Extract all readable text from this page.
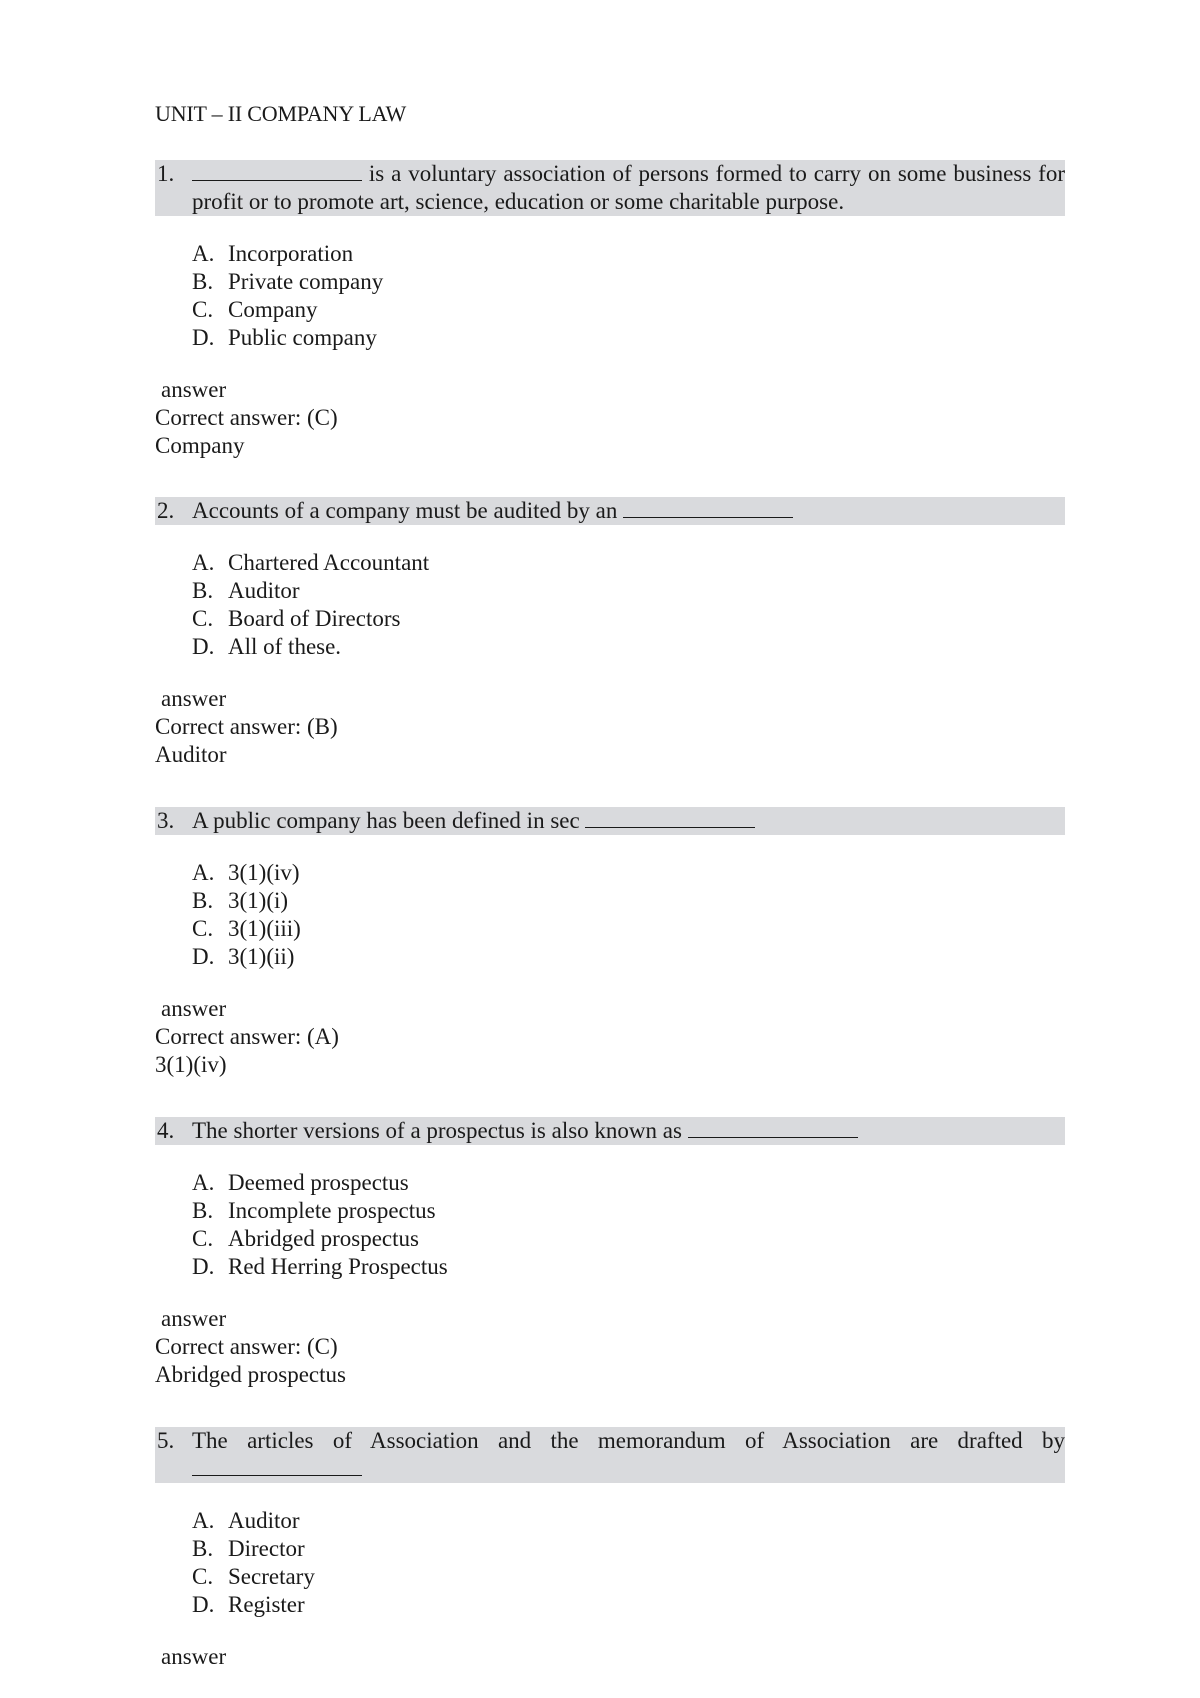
UNIT – II COMPANY LAW
1.	is a voluntary association of persons formed to carry on some business for profit or to promote art, science, education or some charitable purpose.
A. Incorporation
B. Private company
C. Company
D. Public company
answer
Correct answer: (C)
Company
2. Accounts of a company must be audited by an
A. Chartered Accountant
B. Auditor
C. Board of Directors
D. All of these.
answer
Correct answer: (B)
Auditor
3. A public company has been defined in sec
A. 3(1)(iv)
B. 3(1)(i)
C. 3(1)(iii)
D. 3(1)(ii)
answer
Correct answer: (A)
3(1)(iv)
4. The shorter versions of a prospectus is also known as
A. Deemed prospectus
B. Incomplete prospectus
C. Abridged prospectus
D. Red Herring Prospectus
answer
Correct answer: (C)
Abridged prospectus
5. The articles of Association and the memorandum of Association are drafted by
A. Auditor
B. Director
C. Secretary
D. Register
answer
